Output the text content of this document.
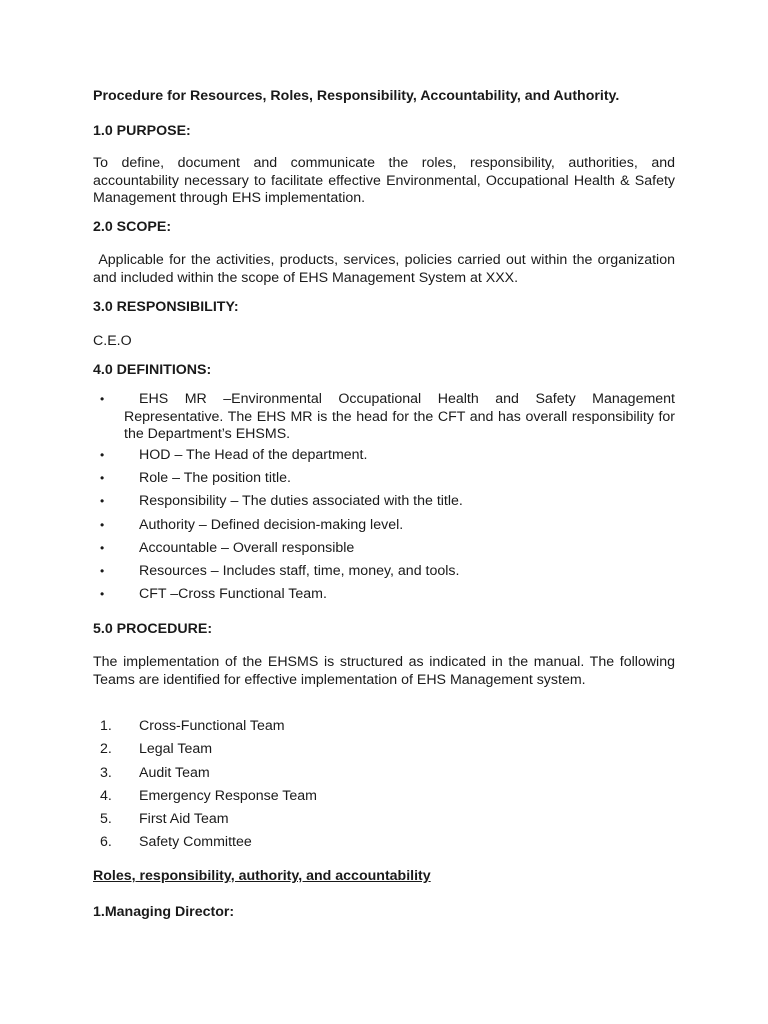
Procedure for Resources, Roles, Responsibility, Accountability, and Authority.
1.0 PURPOSE:
To define, document and communicate the roles, responsibility, authorities, and accountability necessary to facilitate effective Environmental, Occupational Health & Safety Management through EHS implementation.
2.0 SCOPE:
Applicable for the activities, products, services, policies carried out within the organization and included within the scope of EHS Management System at XXX.
3.0 RESPONSIBILITY:
C.E.O
4.0 DEFINITIONS:
•	EHS MR –Environmental Occupational Health and Safety Management Representative. The EHS MR is the head for the CFT and has overall responsibility for the Department’s EHSMS.
• HOD – The Head of the department.
• Role – The position title.
• Responsibility – The duties associated with the title.
• Authority – Defined decision-making level.
• Accountable – Overall responsible
• Resources – Includes staff, time, money, and tools.
• CFT –Cross Functional Team.
5.0 PROCEDURE:
The implementation of the EHSMS is structured as indicated in the manual. The following Teams are identified for effective implementation of EHS Management system.
1. Cross-Functional Team
2. Legal Team
3. Audit Team
4. Emergency Response Team
5. First Aid Team
6. Safety Committee
Roles, responsibility, authority, and accountability
1.Managing Director:
